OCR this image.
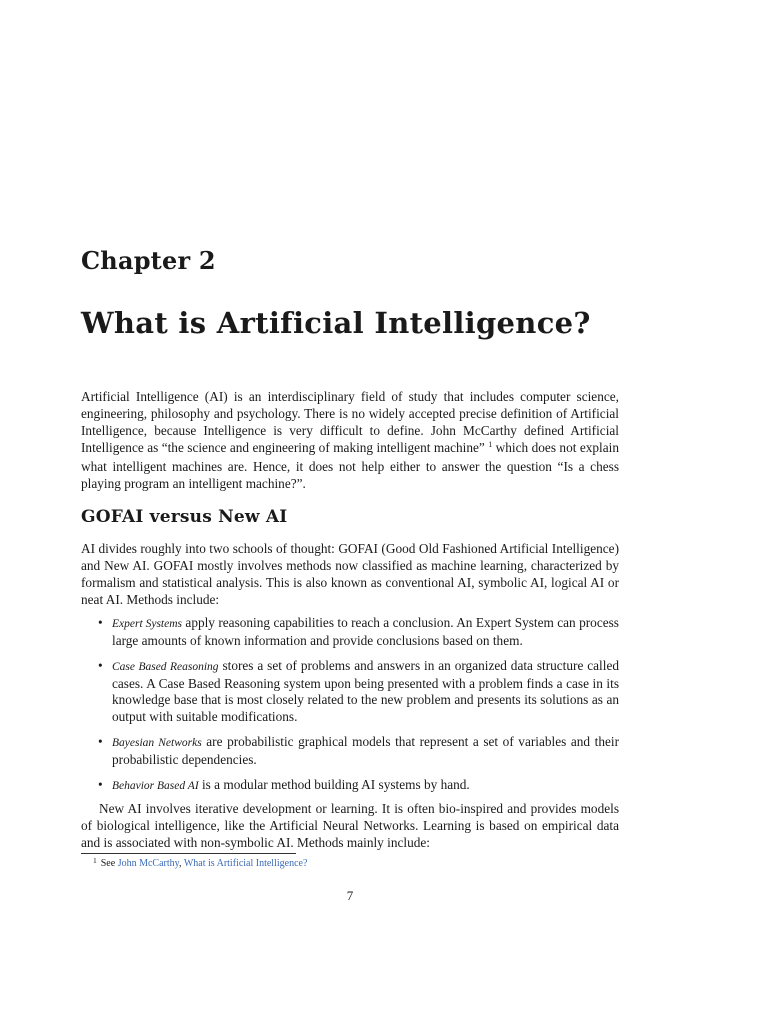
Chapter 2
What is Artificial Intelligence?

Artificial Intelligence (AI) is an interdisciplinary field of study that includes computer science, engineering, philosophy and psychology. There is no widely accepted precise definition of Artificial Intelligence, because Intelligence is very difficult to define. John McCarthy defined Artificial Intelligence as “the science and engineering of making intelligent machine” $^1$ which does not explain what intelligent machines are. Hence, it does not help either to answer the question “Is a chess playing program an intelligent machine?”.

GOFAI versus New AI

AI divides roughly into two schools of thought: GOFAI (Good Old Fashioned Artificial Intelligence) and New AI. GOFAI mostly involves methods now classified as machine learning, characterized by formalism and statistical analysis. This is also known as conventional AI, symbolic AI, logical AI or neat AI. Methods include:

• Expert Systems apply reasoning capabilities to reach a conclusion. An Expert System can process large amounts of known information and provide conclusions based on them.
• Case Based Reasoning stores a set of problems and answers in an organized data structure called cases. A Case Based Reasoning system upon being presented with a problem finds a case in its knowledge base that is most closely related to the new problem and presents its solutions as an output with suitable modifications.
• Bayesian Networks are probabilistic graphical models that represent a set of variables and their probabilistic dependencies.
• Behavior Based AI is a modular method building AI systems by hand.

New AI involves iterative development or learning. It is often bio-inspired and provides models of biological intelligence, like the Artificial Neural Networks. Learning is based on empirical data and is associated with non-symbolic AI. Methods mainly include:

$^1$ See John McCarthy, What is Artificial Intelligence?

7
